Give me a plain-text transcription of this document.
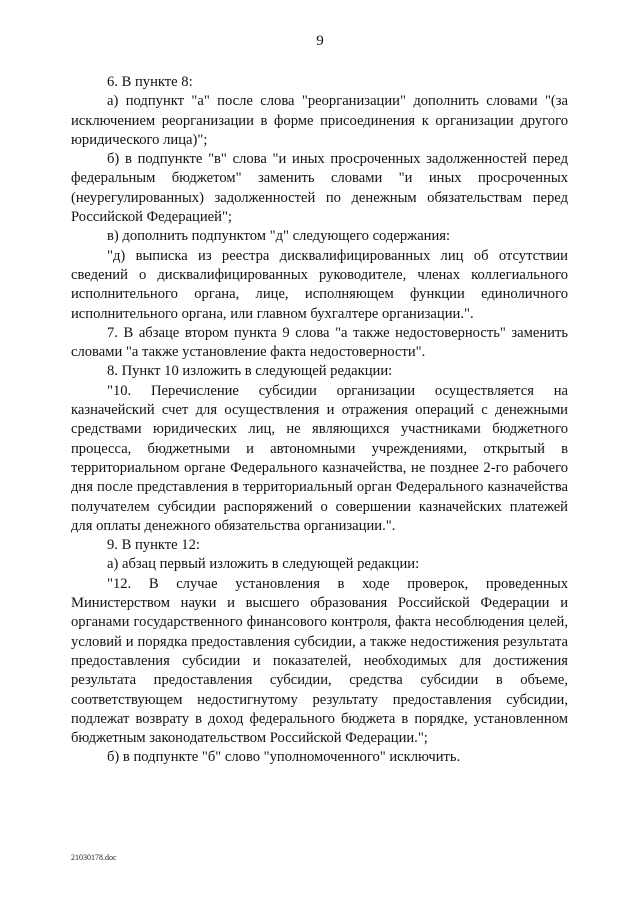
9

6. В пункте 8:

а) подпункт "а" после слова "реорганизации" дополнить словами "(за исключением реорганизации в форме присоединения к организации другого юридического лица)";

б) в подпункте "в" слова "и иных просроченных задолженностей перед федеральным бюджетом" заменить словами "и иных просроченных (неурегулированных) задолженностей по денежным обязательствам перед Российской Федерацией";

в) дополнить подпунктом "д" следующего содержания:

"д) выписка из реестра дисквалифицированных лиц об отсутствии сведений о дисквалифицированных руководителе, членах коллегиального исполнительного органа, лице, исполняющем функции единоличного исполнительного органа, или главном бухгалтере организации.".

7. В абзаце втором пункта 9 слова "а также недостоверность" заменить словами "а также установление факта недостоверности".

8. Пункт 10 изложить в следующей редакции:

"10. Перечисление субсидии организации осуществляется на казначейский счет для осуществления и отражения операций с денежными средствами юридических лиц, не являющихся участниками бюджетного процесса, бюджетными и автономными учреждениями, открытый в территориальном органе Федерального казначейства, не позднее 2-го рабочего дня после представления в территориальный орган Федерального казначейства получателем субсидии распоряжений о совершении казначейских платежей для оплаты денежного обязательства организации.".

9. В пункте 12:

а) абзац первый изложить в следующей редакции:

"12. В случае установления в ходе проверок, проведенных Министерством науки и высшего образования Российской Федерации и органами государственного финансового контроля, факта несоблюдения целей, условий и порядка предоставления субсидии, а также недостижения результата предоставления субсидии и показателей, необходимых для достижения результата предоставления субсидии, средства субсидии в объеме, соответствующем недостигнутому результату предоставления субсидии, подлежат возврату в доход федерального бюджета в порядке, установленном бюджетным законодательством Российской Федерации.";

б) в подпункте "б" слово "уполномоченного" исключить.

21030178.doc
